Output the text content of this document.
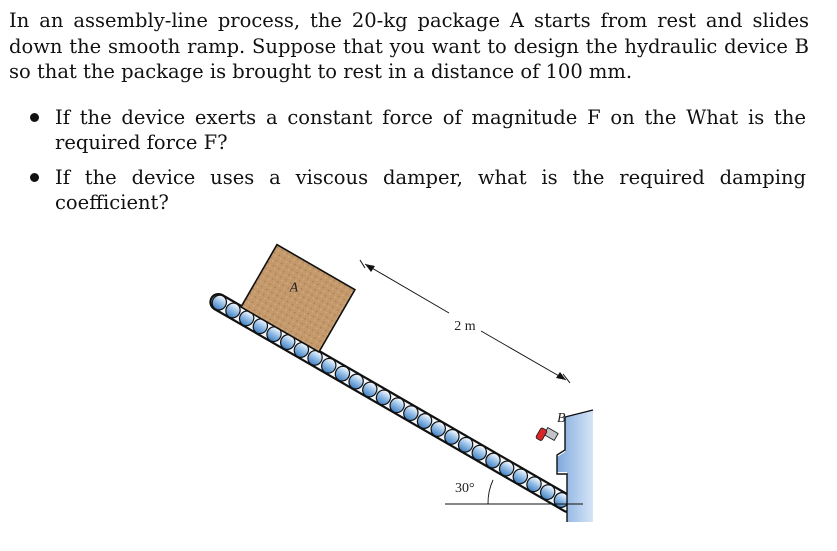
In an assembly-line process, the 20-kg package A starts from rest and slides down the smooth ramp. Suppose that you want to design the hydraulic device B so that the package is brought to rest in a distance of 100 mm.

If the device exerts a constant force of magnitude F on the What is the required force F?
If the device uses a viscous damper, what is the required damping coefficient?
A
2 m
B
30°
